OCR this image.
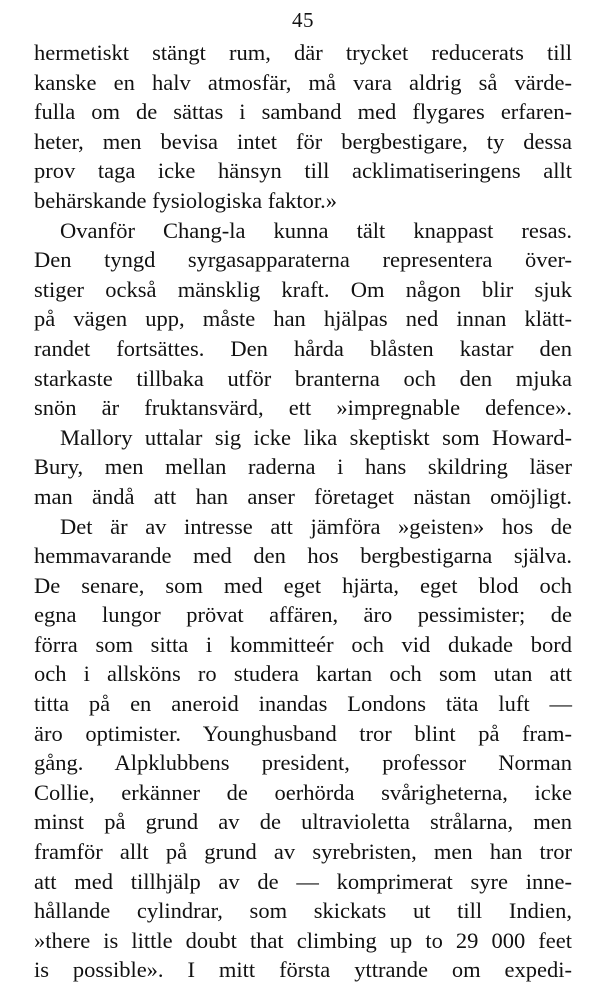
45
hermetiskt stängt rum, där trycket reducerats till
kanske en halv atmosfär, må vara aldrig så värde-
fulla om de sättas i samband med flygares erfaren-
heter, men bevisa intet för bergbestigare, ty dessa
prov taga icke hänsyn till acklimatiseringens allt
behärskande fysiologiska faktor.»
Ovanför Chang-la kunna tält knappast resas.
Den tyngd syrgasapparaterna representera över-
stiger också mänsklig kraft. Om någon blir sjuk
på vägen upp, måste han hjälpas ned innan klätt-
randet fortsättes. Den hårda blåsten kastar den
starkaste tillbaka utför branterna och den mjuka
snön är fruktansvärd, ett »impregnable defence».
Mallory uttalar sig icke lika skeptiskt som Howard-
Bury, men mellan raderna i hans skildring läser
man ändå att han anser företaget nästan omöjligt.
Det är av intresse att jämföra »geisten» hos de
hemmavarande med den hos bergbestigarna själva.
De senare, som med eget hjärta, eget blod och
egna lungor prövat affären, äro pessimister; de
förra som sitta i kommitteér och vid dukade bord
och i allsköns ro studera kartan och som utan att
titta på en aneroid inandas Londons täta luft —
äro optimister. Younghusband tror blint på fram-
gång. Alpklubbens president, professor Norman
Collie, erkänner de oerhörda svårigheterna, icke
minst på grund av de ultravioletta strålarna, men
framför allt på grund av syrebristen, men han tror
att med tillhjälp av de — komprimerat syre inne-
hållande cylindrar, som skickats ut till Indien,
»there is little doubt that climbing up to 29 000 feet
is possible». I mitt första yttrande om expedi-
